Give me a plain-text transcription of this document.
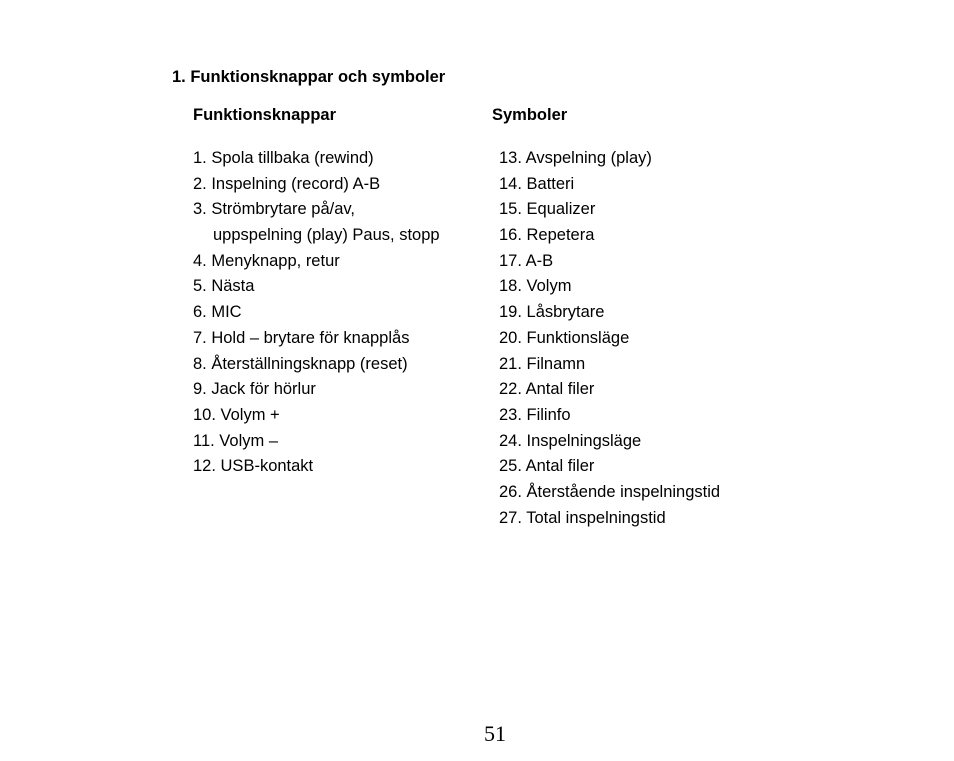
1. Funktionsknappar och symboler
Funktionsknappar	Symboler
1. Spola tillbaka (rewind)
2. Inspelning (record) A-B
3. Strömbrytare på/av,
uppspelning (play) Paus, stopp
4. Menyknapp, retur
5. Nästa
6. MIC
7. Hold – brytare för knapplås
8. Återställningsknapp (reset)
9. Jack för hörlur
10. Volym +
11. Volym –
12. USB-kontakt
13. Avspelning (play)
14. Batteri
15. Equalizer
16. Repetera
17. A-B
18. Volym
19. Låsbrytare
20. Funktionsläge
21. Filnamn
22. Antal filer
23. Filinfo
24. Inspelningsläge
25. Antal filer
26. Återstående inspelningstid
27. Total inspelningstid
51
